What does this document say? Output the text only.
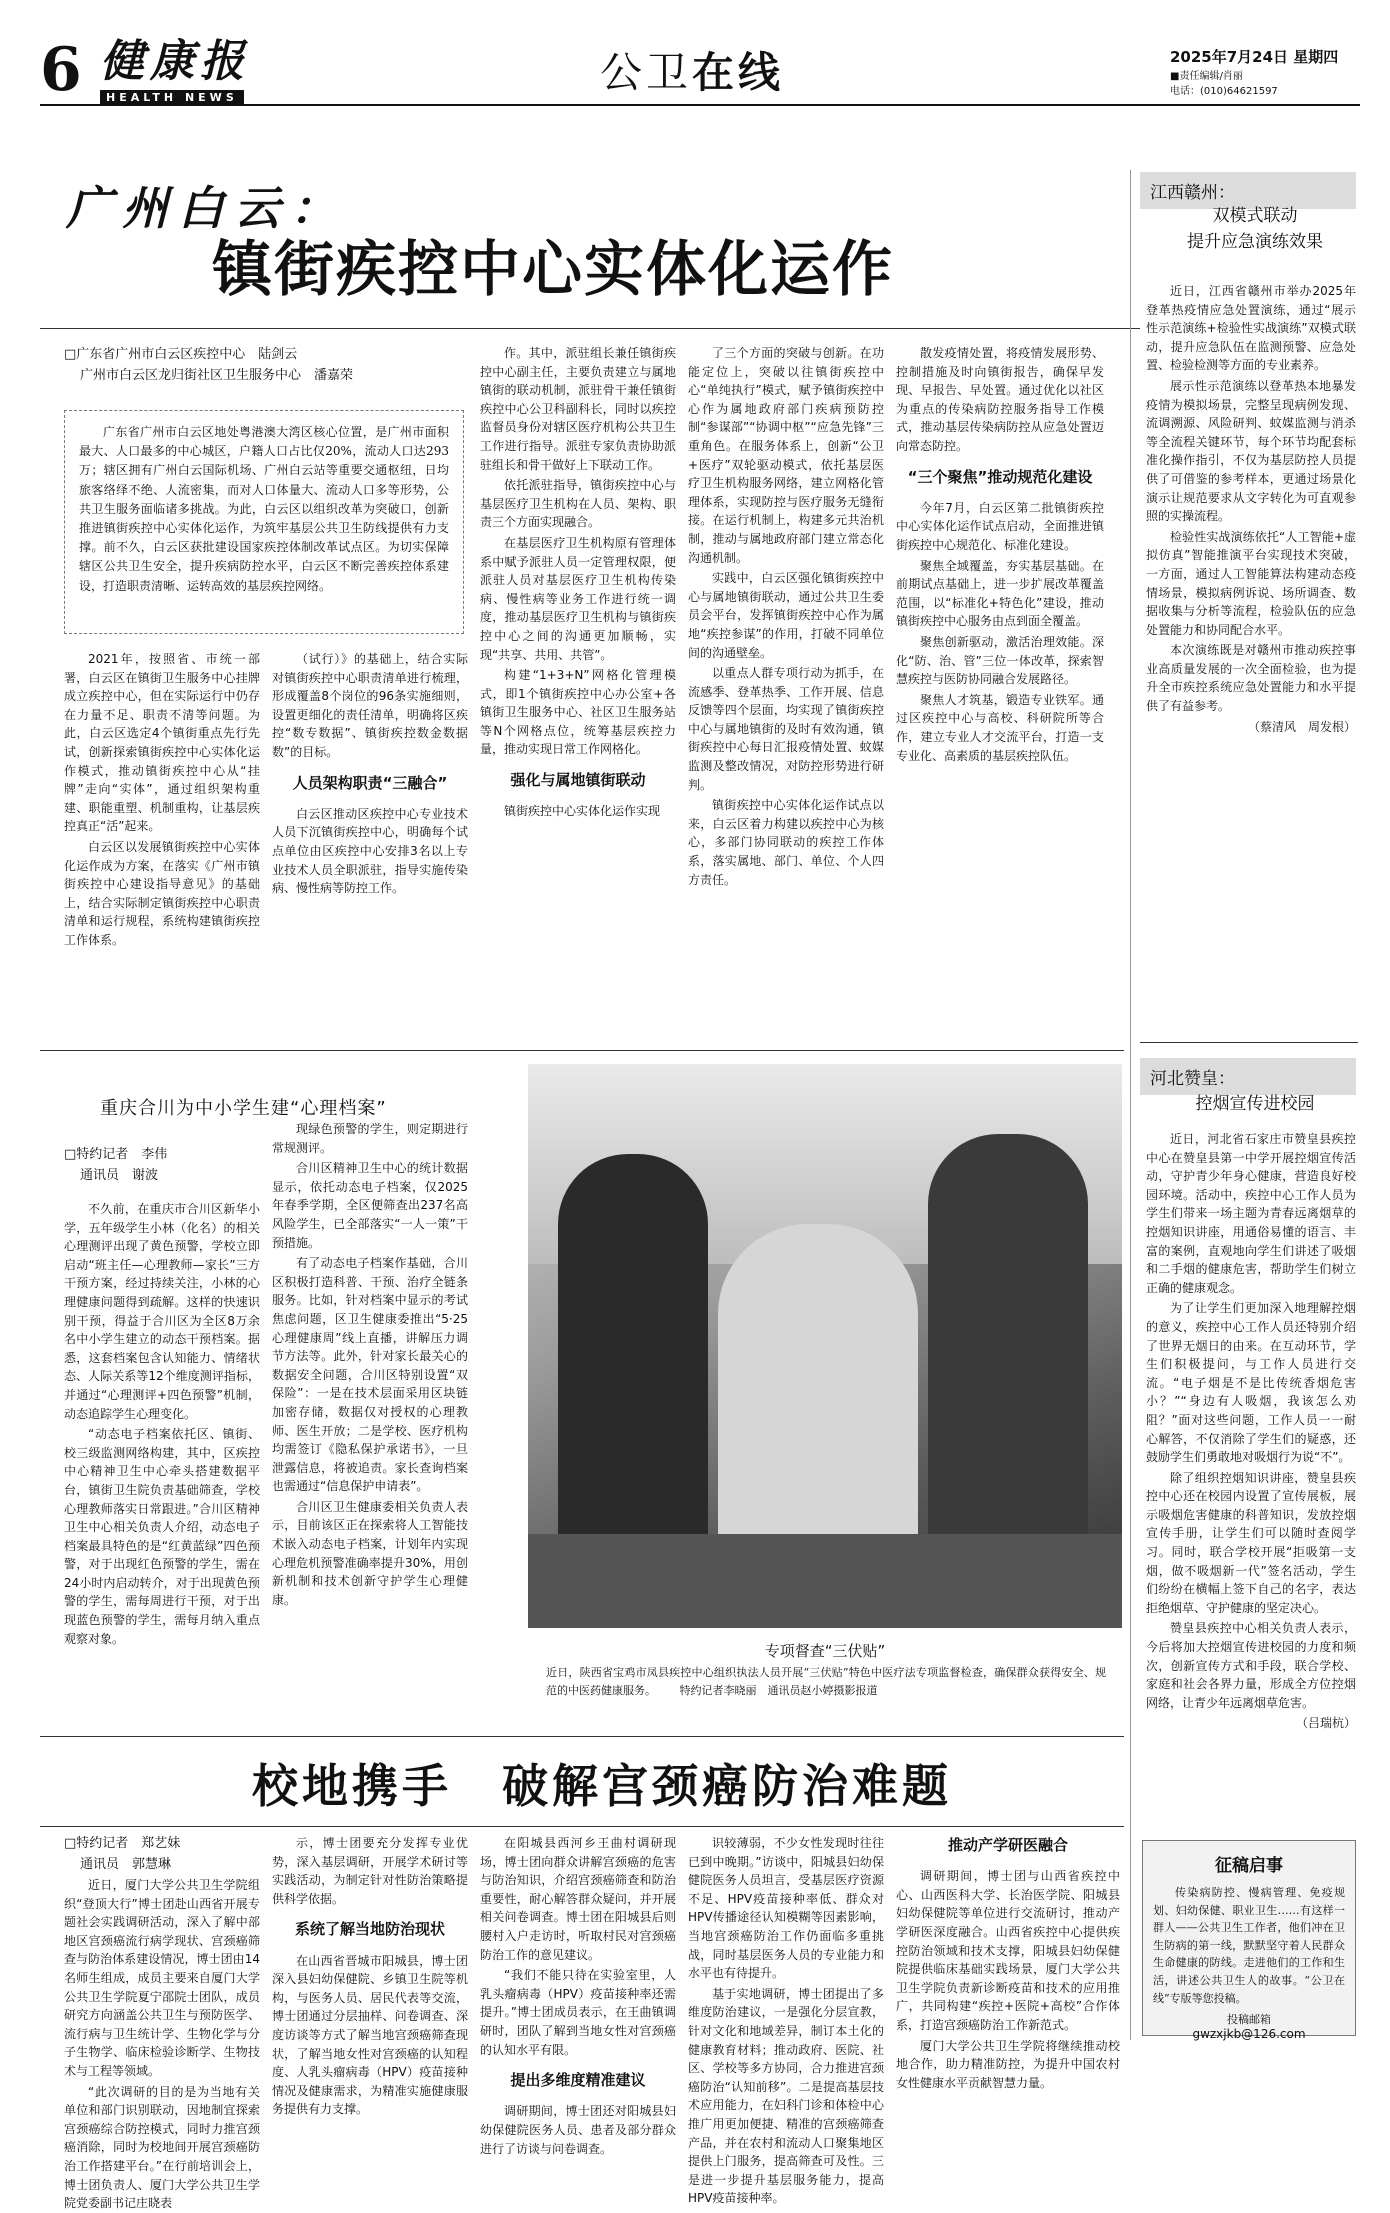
6 健康报
HEALTH NEWS
公卫在线	2025年7月24日 星期四
■责任编辑/肖丽
电话：(010)64621597
广州白云：
镇街疾控中心实体化运作
□广东省广州市白云区疾控中心　陆剑云
广州市白云区龙归街社区卫生服务中心　潘嘉荣

广东省广州市白云区地处粤港澳大湾区核心位置，是广州市面积最大、人口最多的中心城区，户籍人口占比仅20%，流动人口达293万；辖区拥有广州白云国际机场、广州白云站等重要交通枢纽，日均旅客络绎不绝、人流密集，而对人口体量大、流动人口多等形势，公共卫生服务面临诸多挑战。为此，白云区以组织改革为突破口，创新推进镇街疾控中心实体化运作，为筑牢基层公共卫生防线提供有力支撑。前不久，白云区获批建设国家疾控体制改革试点区。为切实保障辖区公共卫生安全，提升疾病防控水平，白云区不断完善疾控体系建设，打造职责清晰、运转高效的基层疾控网络。

2021年，按照省、市统一部署，白云区在镇街卫生服务中心挂牌成立疾控中心，但在实际运行中仍存在力量不足、职责不清等问题。为此，白云区选定4个镇街重点先行先试，创新探索镇街疾控中心实体化运作模式，推动镇街疾控中心从“挂牌”走向“实体”，通过组织架构重建、职能重塑、机制重构，让基层疾控真正“活”起来。

白云区以发展镇街疾控中心实体化运作成为方案，在落实《广州市镇街疾控中心建设指导意见》的基础上，结合实际制定镇街疾控中心职责清单和运行规程，系统构建镇街疾控工作体系。

（试行）》的基础上，结合实际对镇街疾控中心职责清单进行梳理，形成覆盖8个岗位的96条实施细则，设置更细化的责任清单，明确将区疾控“数专数据”、镇街疾控数金数据数”的目标。

人员架构职责“三融合”

白云区推动区疾控中心专业技术人员下沉镇街疾控中心，明确每个试点单位由区疾控中心安排3名以上专业技术人员全职派驻，指导实施传染病、慢性病等防控工作。

作。其中，派驻组长兼任镇街疾控中心副主任，主要负责建立与属地镇街的联动机制，派驻骨干兼任镇街疾控中心公卫科副科长，同时以疾控监督员身份对辖区医疗机构公共卫生工作进行指导。派驻专家负责协助派驻组长和骨干做好上下联动工作。

依托派驻指导，镇街疾控中心与基层医疗卫生机构在人员、架构、职责三个方面实现融合。

在基层医疗卫生机构原有管理体系中赋予派驻人员一定管理权限，便派驻人员对基层医疗卫生机构传染病、慢性病等业务工作进行统一调度，推动基层医疗卫生机构与镇街疾控中心之间的沟通更加顺畅，实现“共享、共用、共管”。

构建“1+3+N”网格化管理模式，即1个镇街疾控中心办公室+各镇街卫生服务中心、社区卫生服务站等N个网格点位，统筹基层疾控力量，推动实现日常工作网格化。

强化与属地镇街联动

镇街疾控中心实体化运作实现

了三个方面的突破与创新。在功能定位上，突破以往镇街疾控中心“单纯执行”模式，赋予镇街疾控中心作为属地政府部门疾病预防控制“参谋部”“协调中枢”“应急先锋”三重角色。在服务体系上，创新“公卫+医疗”双轮驱动模式，依托基层医疗卫生机构服务网络，建立网格化管理体系，实现防控与医疗服务无缝衔接。在运行机制上，构建多元共治机制，推动与属地政府部门建立常态化沟通机制。

实践中，白云区强化镇街疾控中心与属地镇街联动，通过公共卫生委员会平台，发挥镇街疾控中心作为属地“疾控参谋”的作用，打破不同单位间的沟通壁垒。

以重点人群专项行动为抓手，在流感季、登革热季、工作开展、信息反馈等四个层面，均实现了镇街疾控中心与属地镇街的及时有效沟通，镇街疾控中心每日汇报疫情处置、蚊媒监测及整改情况，对防控形势进行研判。

镇街疾控中心实体化运作试点以来，白云区着力构建以疾控中心为核心，多部门协同联动的疾控工作体系，落实属地、部门、单位、个人四方责任。

散发疫情处置，将疫情发展形势、控制措施及时向镇街报告，确保早发现、早报告、早处置。通过优化以社区为重点的传染病防控服务指导工作模式，推动基层传染病防控从应急处置迈向常态防控。

“三个聚焦”推动规范化建设

今年7月，白云区第二批镇街疾控中心实体化运作试点启动，全面推进镇街疾控中心规范化、标准化建设。

聚焦全域覆盖，夯实基层基础。在前期试点基础上，进一步扩展改革覆盖范围，以“标准化+特色化”建设，推动镇街疾控中心服务由点到面全覆盖。

聚焦创新驱动，激活治理效能。深化“防、治、管”三位一体改革，探索智慧疾控与医防协同融合发展路径。

聚焦人才筑基，锻造专业铁军。通过区疾控中心与高校、科研院所等合作，建立专业人才交流平台，打造一支专业化、高素质的基层疾控队伍。

江西赣州：
双模式联动
提升应急演练效果

近日，江西省赣州市举办2025年登革热疫情应急处置演练，通过“展示性示范演练+检验性实战演练”双模式联动，提升应急队伍在监测预警、应急处置、检验检测等方面的专业素养。

展示性示范演练以登革热本地暴发疫情为模拟场景，完整呈现病例发现、流调溯源、风险研判、蚊媒监测与消杀等全流程关键环节，每个环节均配套标准化操作指引，不仅为基层防控人员提供了可借鉴的参考样本，更通过场景化演示让规范要求从文字转化为可直观参照的实操流程。

检验性实战演练依托“人工智能+虚拟仿真”智能推演平台实现技术突破，一方面，通过人工智能算法构建动态疫情场景，模拟病例诉说、场所调查、数据收集与分析等流程，检验队伍的应急处置能力和协同配合水平。

本次演练既是对赣州市推动疾控事业高质量发展的一次全面检验，也为提升全市疾控系统应急处置能力和水平提供了有益参考。

（蔡清风　周发根）
河北赞皇：
控烟宣传进校园

近日，河北省石家庄市赞皇县疾控中心在赞皇县第一中学开展控烟宣传活动，守护青少年身心健康，营造良好校园环境。活动中，疾控中心工作人员为学生们带来一场主题为青春远离烟草的控烟知识讲座，用通俗易懂的语言、丰富的案例，直观地向学生们讲述了吸烟和二手烟的健康危害，帮助学生们树立正确的健康观念。

为了让学生们更加深入地理解控烟的意义，疾控中心工作人员还特别介绍了世界无烟日的由来。在互动环节，学生们积极提问，与工作人员进行交流。“电子烟是不是比传统香烟危害小？”“身边有人吸烟，我该怎么劝阻？”面对这些问题，工作人员一一耐心解答，不仅消除了学生们的疑惑，还鼓励学生们勇敢地对吸烟行为说“不”。

除了组织控烟知识讲座，赞皇县疾控中心还在校园内设置了宣传展板，展示吸烟危害健康的科普知识，发放控烟宣传手册，让学生们可以随时查阅学习。同时，联合学校开展“拒吸第一支烟，做不吸烟新一代”签名活动，学生们纷纷在横幅上签下自己的名字，表达拒绝烟草、守护健康的坚定决心。

赞皇县疾控中心相关负责人表示，今后将加大控烟宣传进校园的力度和频次，创新宣传方式和手段，联合学校、家庭和社会各界力量，形成全方位控烟网络，让青少年远离烟草危害。

（吕瑞杭）
重庆合川为中小学生建“心理档案”
□特约记者　李伟
通讯员　谢波

不久前，在重庆市合川区新华小学，五年级学生小林（化名）的相关心理测评出现了黄色预警，学校立即启动“班主任—心理教师—家长”三方干预方案，经过持续关注，小林的心理健康问题得到疏解。这样的快速识别干预，得益于合川区为全区8万余名中小学生建立的动态干预档案。据悉，这套档案包含认知能力、情绪状态、人际关系等12个维度测评指标，并通过“心理测评+四色预警”机制，动态追踪学生心理变化。

“动态电子档案依托区、镇街、校三级监测网络构建，其中，区疾控中心精神卫生中心牵头搭建数据平台，镇街卫生院负责基础筛查，学校心理教师落实日常跟进。”合川区精神卫生中心相关负责人介绍，动态电子档案最具特色的是“红黄蓝绿”四色预警，对于出现红色预警的学生，需在24小时内启动转介，对于出现黄色预警的学生，需每周进行干预，对于出现蓝色预警的学生，需每月纳入重点观察对象。

现绿色预警的学生，则定期进行常规测评。

合川区精神卫生中心的统计数据显示，依托动态电子档案，仅2025年春季学期，全区便筛查出237名高风险学生，已全部落实“一人一策”干预措施。

有了动态电子档案作基础，合川区积极打造科普、干预、治疗全链条服务。比如，针对档案中显示的考试焦虑问题，区卫生健康委推出“5·25心理健康周”线上直播，讲解压力调节方法等。此外，针对家长最关心的数据安全问题，合川区特别设置“双保险”：一是在技术层面采用区块链加密存储，数据仅对授权的心理教师、医生开放；二是学校、医疗机构均需签订《隐私保护承诺书》，一旦泄露信息，将被追责。家长查询档案也需通过“信息保护申请表”。

合川区卫生健康委相关负责人表示，目前该区正在探索将人工智能技术嵌入动态电子档案，计划年内实现心理危机预警准确率提升30%，用创新机制和技术创新守护学生心理健康。

专项督查“三伏贴”
近日，陕西省宝鸡市凤县疾控中心组织执法人员开展“三伏贴”特色中医疗法专项监督检查，确保群众获得安全、规范的中医药健康服务。 特约记者李晓丽　通讯员赵小婷摄影报道
校地携手　破解宫颈癌防治难题
□特约记者　郑艺妹
通讯员　郭慧琳

近日，厦门大学公共卫生学院组织“登顶大行”博士团赴山西省开展专题社会实践调研活动，深入了解中部地区宫颈癌流行病学现状、宫颈癌筛查与防治体系建设情况，博士团由14名师生组成，成员主要来自厦门大学公共卫生学院夏宁邵院士团队，成员研究方向涵盖公共卫生与预防医学、流行病与卫生统计学、生物化学与分子生物学、临床检验诊断学、生物技术与工程等领域。

“此次调研的目的是为当地有关单位和部门识别联动，因地制宜探索宫颈癌综合防控模式，同时力推宫颈癌消除，同时为校地间开展宫颈癌防治工作搭建平台。”在行前培训会上，博士团负责人、厦门大学公共卫生学院党委副书记庄晓表

示，博士团要充分发挥专业优势，深入基层调研，开展学术研讨等实践活动，为制定针对性防治策略提供科学依据。

系统了解当地防治现状

在山西省晋城市阳城县，博士团深入县妇幼保健院、乡镇卫生院等机构，与医务人员、居民代表等交流，博士团通过分层抽样、问卷调查、深度访谈等方式了解当地宫颈癌筛查现状，了解当地女性对宫颈癌的认知程度、人乳头瘤病毒（HPV）疫苗接种情况及健康需求，为精准实施健康服务提供有力支撑。

在阳城县西河乡王曲村调研现场，博士团向群众讲解宫颈癌的危害与防治知识，介绍宫颈癌筛查和防治重要性，耐心解答群众疑问，并开展相关问卷调查。博士团在阳城县后则腰村入户走访时，听取村民对宫颈癌防治工作的意见建议。

“我们不能只待在实验室里，人乳头瘤病毒（HPV）疫苗接种率还需提升。”博士团成员表示，在王曲镇调研时，团队了解到当地女性对宫颈癌的认知水平有限。

提出多维度精准建议

调研期间，博士团还对阳城县妇幼保健院医务人员、患者及部分群众进行了访谈与问卷调查。

识较薄弱，不少女性发现时往往已到中晚期。”访谈中，阳城县妇幼保健院医务人员坦言，受基层医疗资源不足、HPV疫苗接种率低、群众对HPV传播途径认知模糊等因素影响，当地宫颈癌防治工作仍面临多重挑战，同时基层医务人员的专业能力和水平也有待提升。

基于实地调研，博士团提出了多维度防治建议，一是强化分层宣教，针对文化和地域差异，制订本土化的健康教育材料；推动政府、医院、社区、学校等多方协同，合力推进宫颈癌防治“认知前移”。二是提高基层技术应用能力，在妇科门诊和体检中心推广用更加便捷、精准的宫颈癌筛查产品，并在农村和流动人口聚集地区提供上门服务，提高筛查可及性。三是进一步提升基层服务能力，提高HPV疫苗接种率。

推动产学研医融合

调研期间，博士团与山西省疾控中心、山西医科大学、长治医学院、阳城县妇幼保健院等单位进行交流研讨，推动产学研医深度融合。山西省疾控中心提供疾控防治领域和技术支撑，阳城县妇幼保健院提供临床基础实践场景，厦门大学公共卫生学院负责新诊断疫苗和技术的应用推广，共同构建“疾控+医院+高校”合作体系，打造宫颈癌防治工作新范式。

厦门大学公共卫生学院将继续推动校地合作，助力精准防控，为提升中国农村女性健康水平贡献智慧力量。

征稿启事
传染病防控、慢病管理、免疫规划、妇幼保健、职业卫生……有这样一群人——公共卫生工作者，他们冲在卫生防病的第一线，默默坚守着人民群众生命健康的防线。走进他们的工作和生活，讲述公共卫生人的故事。“公卫在线”专版等您投稿。
投稿邮箱
gwzxjkb@126.com
